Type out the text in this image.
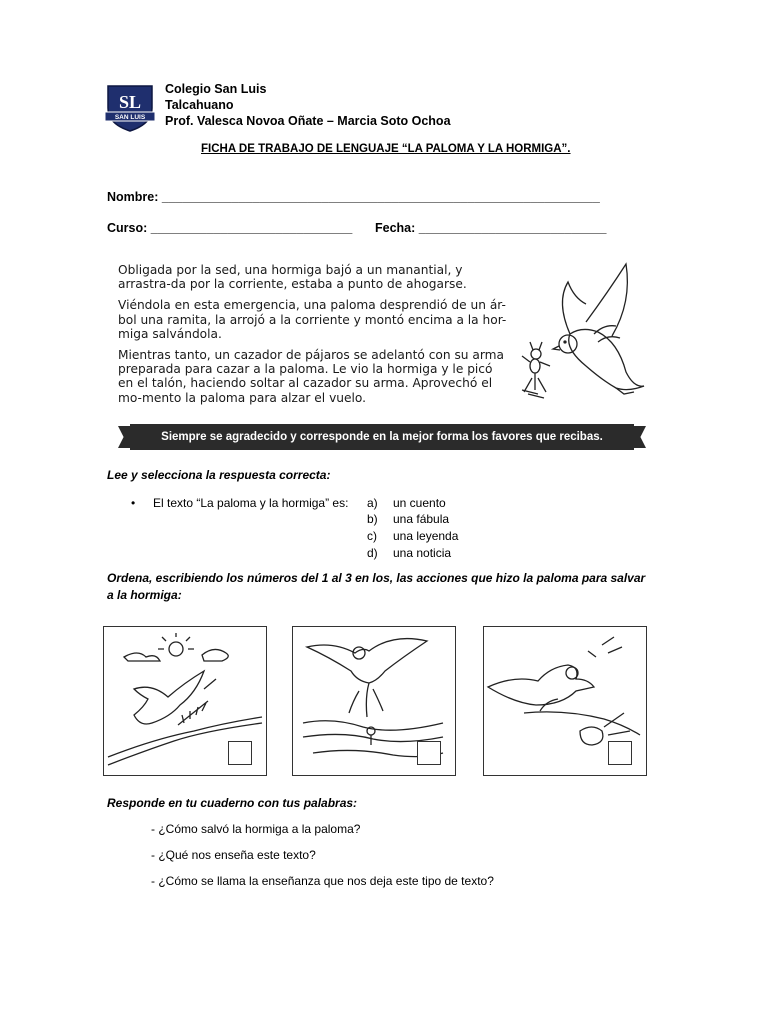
SL
SAN LUIS
Colegio San Luis
Talcahuano
Prof. Valesca Novoa Oñate – Marcia Soto Ochoa
FICHA DE TRABAJO DE LENGUAJE “LA PALOMA Y LA HORMIGA”.
Nombre: _______________________________________________________________
Curso: _____________________________ Fecha: ___________________________

Obligada por la sed, una hormiga bajó a un manantial, y arrastra-da por la corriente, estaba a punto de ahogarse.

Viéndola en esta emergencia, una paloma desprendió de un ár-bol una ramita, la arrojó a la corriente y montó encima a la hor-miga salvándola.

Mientras tanto, un cazador de pájaros se adelantó con su arma preparada para cazar a la paloma. Le vio la hormiga y le picó en el talón, haciendo soltar al cazador su arma. Aprovechó el mo-mento la paloma para alzar el vuelo.

Siempre se agradecido y corresponde en la mejor forma los favores que recibas.
Lee y selecciona la respuesta correcta:
• El texto “La paloma y la hormiga” es: a) un cuento
b) una fábula
c) una leyenda
d) una noticia
Ordena, escribiendo los números del 1 al 3 en los, las acciones que hizo la paloma para salvar a la hormiga:
Responde en tu cuaderno con tus palabras:
- ¿Cómo salvó la hormiga a la paloma?
- ¿Qué nos enseña este texto?
- ¿Cómo se llama la enseñanza que nos deja este tipo de texto?
